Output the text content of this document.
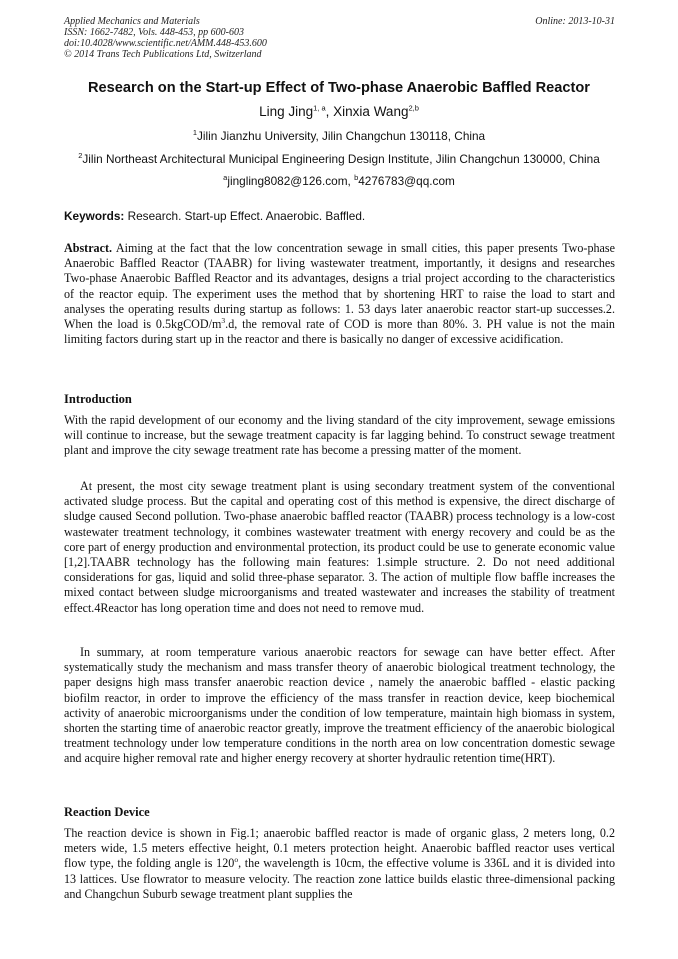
Applied Mechanics and Materials
ISSN: 1662-7482, Vols. 448-453, pp 600-603
doi:10.4028/www.scientific.net/AMM.448-453.600
© 2014 Trans Tech Publications Ltd, Switzerland
Online: 2013-10-31
Research on the Start-up Effect of Two-phase Anaerobic Baffled Reactor
Ling Jing$^{1, a}$, Xinxia Wang$^{2,b}$
$^1$Jilin Jianzhu University, Jilin Changchun 130118, China
$^2$Jilin Northeast Architectural Municipal Engineering Design Institute, Jilin Changchun 130000, China
$^a$jingling8082@126.com, $^b$4276783@qq.com
Keywords: Research. Start-up Effect. Anaerobic. Baffled.
Abstract. Aiming at the fact that the low concentration sewage in small cities, this paper presents Two-phase Anaerobic Baffled Reactor (TAABR) for living wastewater treatment, importantly, it designs and researches Two-phase Anaerobic Baffled Reactor and its advantages, designs a trial project according to the characteristics of the reactor equip. The experiment uses the method that by shortening HRT to raise the load to start and analyses the operating results during startup as follows: 1. 53 days later anaerobic reactor start-up successes.2. When the load is $0.5kgCOD/m^3.d$, the removal rate of COD is more than 80%. 3. PH value is not the main limiting factors during start up in the reactor and there is basically no danger of excessive acidification.
Introduction
With the rapid development of our economy and the living standard of the city improvement, sewage emissions will continue to increase, but the sewage treatment capacity is far lagging behind. To construct sewage treatment plant and improve the city sewage treatment rate has become a pressing matter of the moment.
At present, the most city sewage treatment plant is using secondary treatment system of the conventional activated sludge process. But the capital and operating cost of this method is expensive, the direct discharge of sludge caused Second pollution. Two-phase anaerobic baffled reactor (TAABR) process technology is a low-cost wastewater treatment technology, it combines wastewater treatment with energy recovery and could be as the core part of energy production and environmental protection, its product could be use to generate economic value [1,2].TAABR technology has the following main features: 1.simple structure. 2. Do not need additional considerations for gas, liquid and solid three-phase separator. 3. The action of multiple flow baffle increases the mixed contact between sludge microorganisms and treated wastewater and increases the stability of treatment effect.4Reactor has long operation time and does not need to remove mud.
In summary, at room temperature various anaerobic reactors for sewage can have better effect. After systematically study the mechanism and mass transfer theory of anaerobic biological treatment technology, the paper designs high mass transfer anaerobic reaction device , namely the anaerobic baffled - elastic packing biofilm reactor, in order to improve the efficiency of the mass transfer in reaction device, keep biochemical activity of anaerobic microorganisms under the condition of low temperature, maintain high biomass in system, shorten the starting time of anaerobic reactor greatly, improve the treatment efficiency of the anaerobic biological treatment technology under low temperature conditions in the north area on low concentration domestic sewage and acquire higher removal rate and higher energy recovery at shorter hydraulic retention time(HRT).
Reaction Device
The reaction device is shown in Fig.1; anaerobic baffled reactor is made of organic glass, 2 meters long, 0.2 meters wide, 1.5 meters effective height, 0.1 meters protection height. Anaerobic baffled reactor uses vertical flow type, the folding angle is 120$^o$, the wavelength is 10cm, the effective volume is 336L and it is divided into 13 lattices. Use flowrator to measure velocity. The reaction zone lattice builds elastic three-dimensional packing and Changchun Suburb sewage treatment plant supplies the
